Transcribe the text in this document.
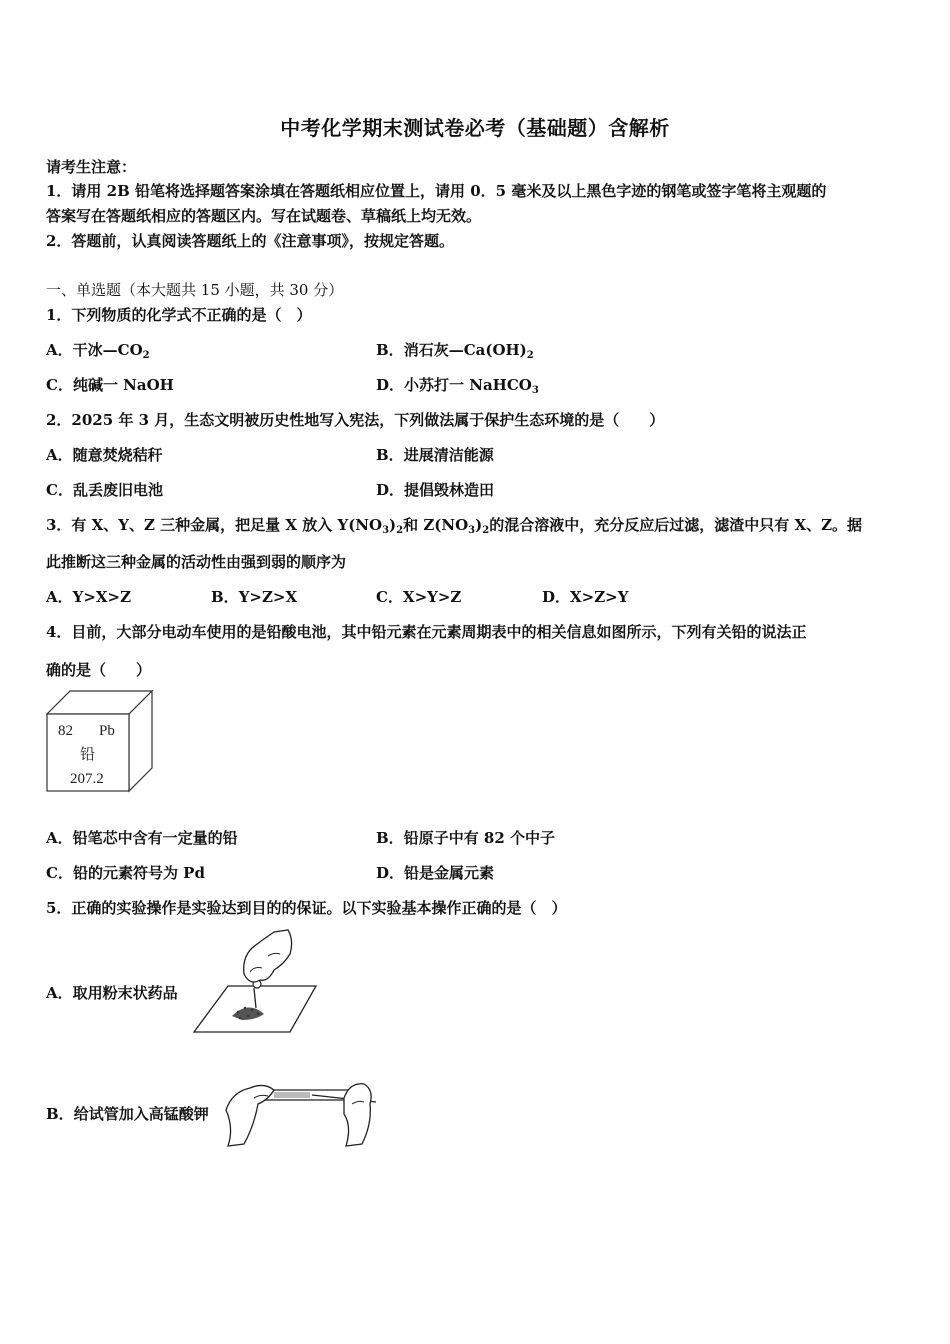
中考化学期末测试卷必考（基础题）含解析
请考生注意：
1．请用 2B 铅笔将选择题答案涂填在答题纸相应位置上，请用 0．5 毫米及以上黑色字迹的钢笔或签字笔将主观题的
答案写在答题纸相应的答题区内。写在试题卷、草稿纸上均无效。
2．答题前，认真阅读答题纸上的《注意事项》，按规定答题。
一、单选题（本大题共 15 小题，共 30 分）
1．下列物质的化学式不正确的是（　）
A．干冰$—CO_2$	B．消石灰$—Ca(OH)_2$
C．纯碱一 NaOH	D．小苏打一 NaHCO$_3$
2．2025 年 3 月，生态文明被历史性地写入宪法，下列做法属于保护生态环境的是（　　）
A．随意焚烧秸秆	B．进展清洁能源
C．乱丢废旧电池	D．提倡毁林造田
3．有 X、Y、Z 三种金属，把足量 X 放入 $Y(NO_3)_2$和 $Z(NO_3)_2$的混合溶液中，充分反应后过滤，滤渣中只有 X、Z。据
此推断这三种金属的活动性由强到弱的顺序为
A．Y>X>Z	B．Y>Z>X	C．X>Y>Z	D．X>Z>Y
4．目前，大部分电动车使用的是铅酸电池，其中铅元素在元素周期表中的相关信息如图所示，下列有关铅的说法正
确的是（　　）
82 Pb
铅
207.2
A．铅笔芯中含有一定量的铅	B．铅原子中有 82 个中子
C．铅的元素符号为 Pd	D．铅是金属元素
5．正确的实验操作是实验达到目的的保证。以下实验基本操作正确的是（　）
A．取用粉末状药品
B．给试管加入高锰酸钾
